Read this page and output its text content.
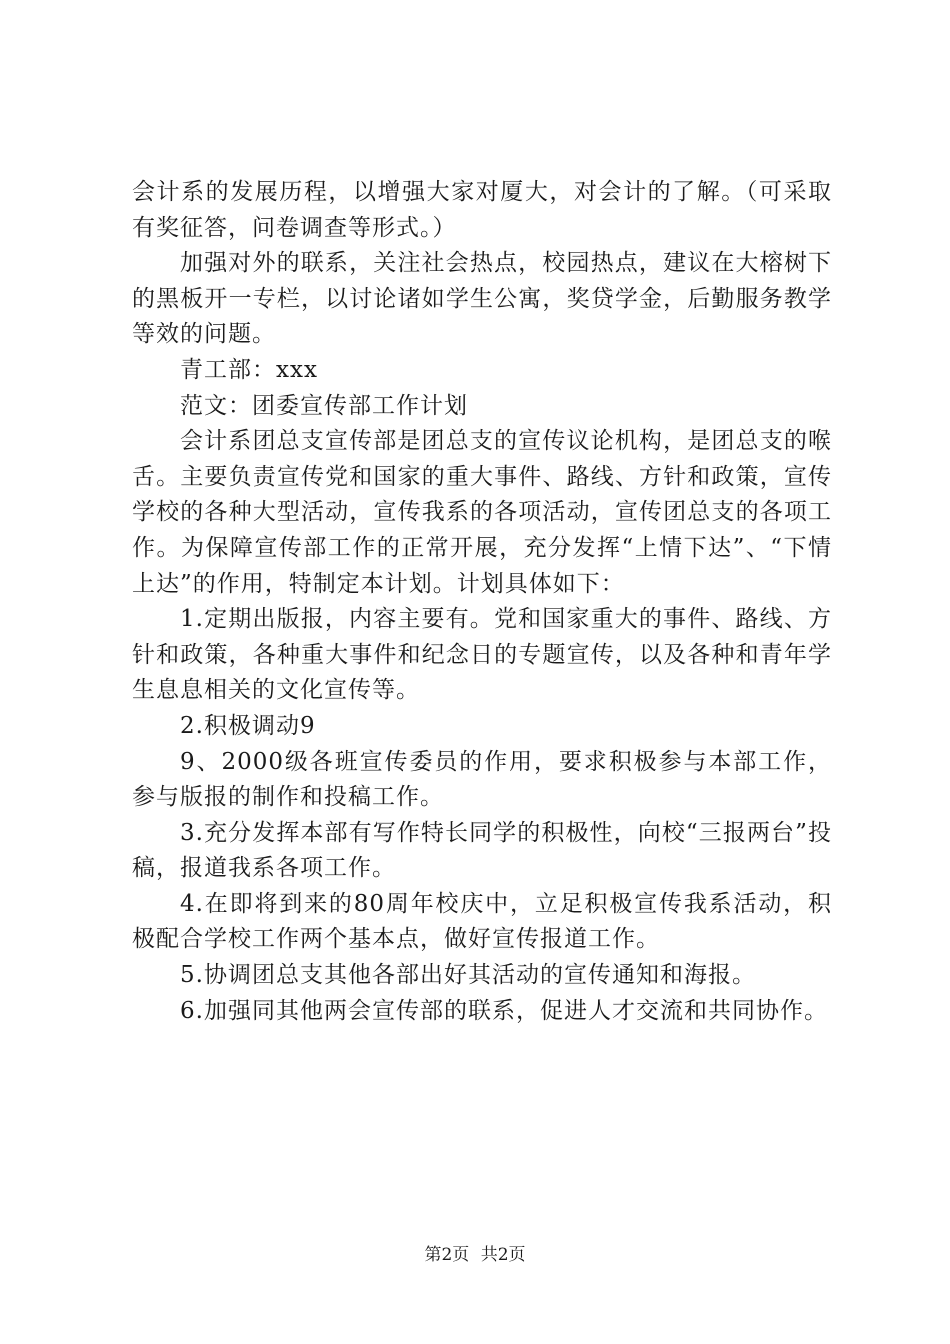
会计系的发展历程，以增强大家对厦大，对会计的了解。（可采取有奖征答，问卷调查等形式。）

加强对外的联系，关注社会热点，校园热点，建议在大榕树下的黑板开一专栏，以讨论诸如学生公寓，奖贷学金，后勤服务教学等效的问题。

青工部：xxx

范文：团委宣传部工作计划

会计系团总支宣传部是团总支的宣传议论机构，是团总支的喉舌。主要负责宣传党和国家的重大事件、路线、方针和政策，宣传学校的各种大型活动，宣传我系的各项活动，宣传团总支的各项工作。为保障宣传部工作的正常开展，充分发挥“上情下达”、“下情上达”的作用，特制定本计划。计划具体如下：

1.定期出版报，内容主要有。党和国家重大的事件、路线、方针和政策，各种重大事件和纪念日的专题宣传，以及各种和青年学生息息相关的文化宣传等。

2.积极调动9

9、2000级各班宣传委员的作用，要求积极参与本部工作，参与版报的制作和投稿工作。

3.充分发挥本部有写作特长同学的积极性，向校“三报两台”投稿，报道我系各项工作。

4.在即将到来的80周年校庆中，立足积极宣传我系活动，积极配合学校工作两个基本点，做好宣传报道工作。

5.协调团总支其他各部出好其活动的宣传通知和海报。

6.加强同其他两会宣传部的联系，促进人才交流和共同协作。

第2页 共2页
